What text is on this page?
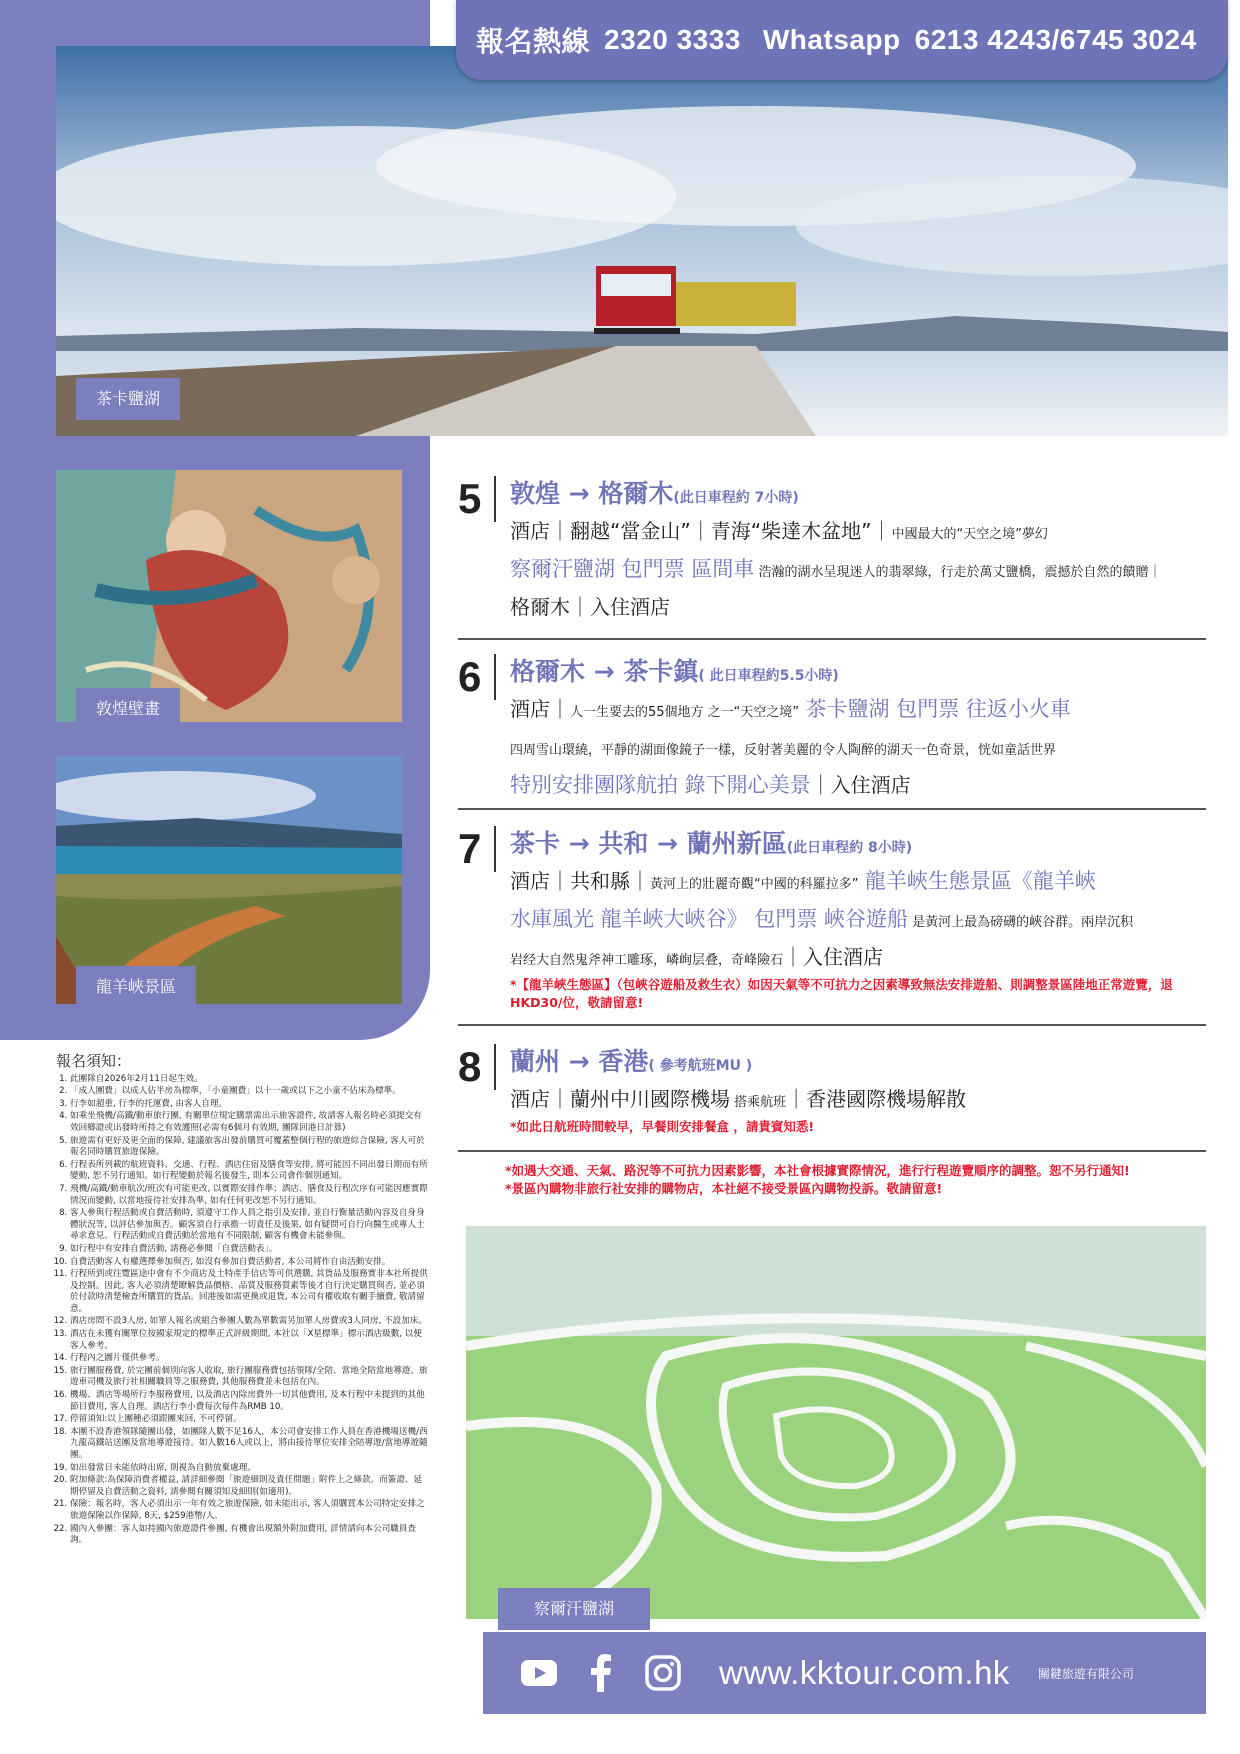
報名熱線 2320 3333 Whatsapp 6213 4243/6745 3024
茶卡鹽湖
敦煌壁畫
龍羊峽景區
5	敦煌 → 格爾木(此日車程約 7小時)
酒店｜翻越“當金山”｜青海“柴達木盆地”｜中國最大的“天空之境”夢幻
察爾汗鹽湖 包門票 區間車 浩瀚的湖水呈現迷人的翡翠綠，行走於萬丈鹽橋，震撼於自然的饋贈｜
格爾木｜入住酒店
6	格爾木 → 茶卡鎮( 此日車程約5.5小時)
酒店｜人一生要去的55個地方 之一“天空之境” 茶卡鹽湖 包門票 往返小火車
四周雪山環繞，平靜的湖面像鏡子一樣，反射著美麗的令人陶醉的湖天一色奇景，恍如童話世界
特別安排團隊航拍 錄下開心美景｜入住酒店
7	茶卡 → 共和 → 蘭州新區(此日車程約 8小時)
酒店｜共和縣｜黃河上的壯麗奇觀“中國的科羅拉多” 龍羊峽生態景區《龍羊峽
水庫風光 龍羊峽大峽谷》 包門票 峽谷遊船 是黃河上最為磅礴的峽谷群。兩岸沉积
岩经大自然鬼斧神工雕琢，嶙峋层叠，奇峰險石｜入住酒店
*【龍羊峽生態區】（包峽谷遊船及救生衣）如因天氣等不可抗力之因素導致無法安排遊船、則調整景區陸地正常遊覽，退HKD30/位，敬請留意!
8	蘭州 → 香港( 參考航班MU )
酒店｜蘭州中川國際機場 搭乘航班｜香港國際機場解散
*如此日航班時間較早，早餐則安排餐盒 ，請貴賓知悉!
*如遇大交通、天氣、路況等不可抗力因素影響，本社會根據實際情況，進行行程遊覽順序的調整。恕不另行通知!
*景區內購物非旅行社安排的購物店，本社絕不接受景區內購物投訴。敬請留意!
察爾汗鹽湖
報名須知：
1. 此團隊自2026年2月11日起生效。
2. 「成人團費」以成人佔半房為標準，「小童團費」以十一歲或以下之小童不佔床為標準。
3. 行李如超重, 行李的托運費, 由客人自理。
4. 如乘坐飛機/高鐵/動車旅行團, 有關單位規定購票需出示旅客證件, 故請客人報名時必須提交有效回鄉證或出發時所持之有效護照(必需有6個月有效期, 團隊回港日計算)
5. 旅遊需有更好及更全面的保障, 建議旅客出發前購買可覆蓋整個行程的旅遊綜合保險, 客人可於報名同時購買旅遊保險。
6. 行程表所列載的航班資料、交通、行程、酒店住宿及膳食等安排, 將可能因不同出發日期而有所變動, 恕不另行通知。如行程變動於報名後發生, 則本公司會作個別通知。
7. 飛機/高鐵/動車航次/班次有可能更改, 以實際安排作準；酒店、膳食及行程次序有可能因應實際情況而變動, 以當地接待社安排為準, 如有任何更改恕不另行通知。
8. 客人參與行程活動或自費活動時, 須遵守工作人員之指引及安排, 並自行衡量活動內容及自身身體狀況等, 以評估參加與否。顧客須自行承擔一切責任及後果, 如有疑問可自行向醫生或專人士尋求意見。行程活動或自費活動於當地有不同限制, 顧客有機會未能參與。
9. 如行程中有安排自費活動, 請務必參閱「自費活動表」。
10. 自費活動客人有權選擇參加與否, 如沒有參加自費活動者, 本公司將作自由活動安排。
11. 行程所到或往覽區途中會有不少商店及土特產手信店等可供選購, 其貨品及服務實非本社所提供及控制。因此, 客人必須清楚瞭解貨品價格、品質及服務質素等後才自行決定購買與否, 並必須於付款時清楚檢查所購買的貨品。回港後如需更換或退貨, 本公司有權收取有關手續費, 敬請留意。
12. 酒店房間不設3人房, 如單人報名或組合參團人數為單數需另加單人房費或3人同房, 不設加床。
13. 酒店在未獲有關單位按國家規定的標準正式評級期間, 本社以「X星標準」標示酒店級數, 以便客人參考。
14. 行程內之圖片僅供參考。
15. 旅行團服務費, 於完團前個別向客人收取, 旅行團服務費包括領隊/全陪、當地全陪當地導遊、旅遊車司機及旅行社相關職員等之服務費, 其他服務費並未包括在內。
16. 機場、酒店等場所行李服務費用, 以及酒店內除房費外一切其他費用, 及本行程中未提到的其他節目費用, 客人自理。酒店行李小費每次每件為RMB 10。
17. 停留須知:以上團種必須跟團來回, 不可停留。
18. 本團不設香港領隊隨團出發，如團隊人數不足16人，本公司會安排工作人員在香港機場送機/西九龍高鐵站送團及當地導遊接待。如人數16人或以上，將由接待單位安排全陪導遊/當地導遊隨團。
19. 如出發當日未能依時出席, 則視為自動放棄處理。
20. 附加條款:為保障消費者權益, 請詳細參閱「旅遊細則及責任問題」附件上之條款。而簽證、延期停留及自費活動之資料, 請參閱有關須知及細則(如適用)。
21. 保險：報名時，客人必須出示一年有效之旅遊保險, 如未能出示, 客人須購買本公司特定安排之旅遊保險以作保障, 8天, $259港幣/人。
22. 國內入參團：客人如持國內旅遊證件參團, 有機會出現額外附加費用, 詳情請向本公司職員查詢。
www.kktour.com.hk 關鍵旅遊有限公司
